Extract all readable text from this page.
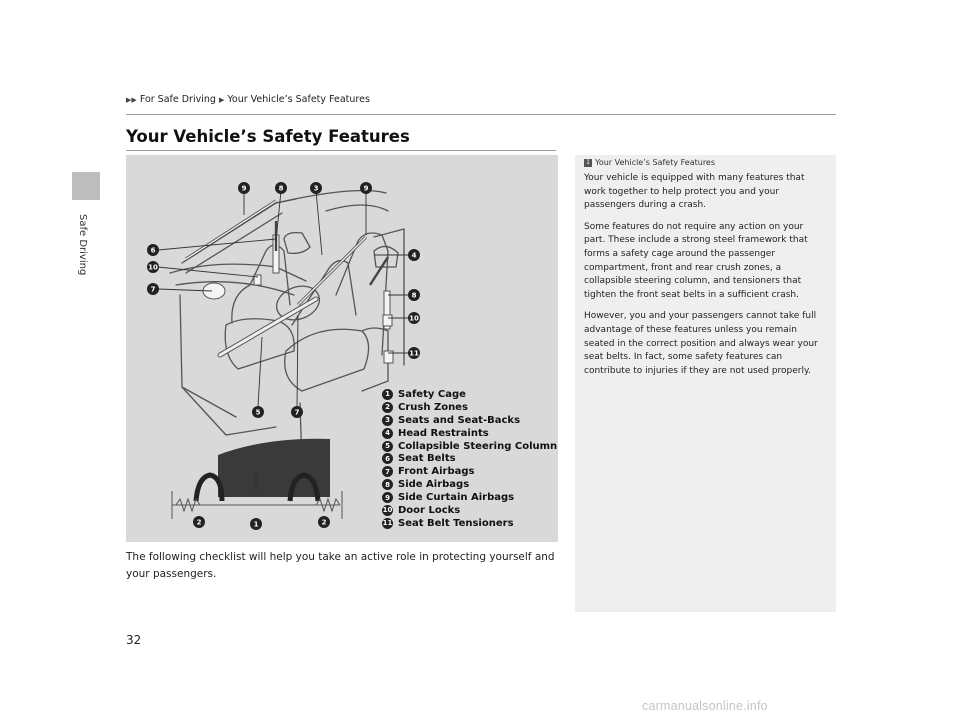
Safe Driving
▶▶ For Safe Driving ▶ Your Vehicle’s Safety Features
Your Vehicle’s Safety Features
9	8	3	9
6
10
7
4
8
10
11
5	7
2	1	2
1 Safety Cage
2 Crush Zones
3 Seats and Seat-Backs
4 Head Restraints
5 Collapsible Steering Column
6 Seat Belts
7 Front Airbags
8 Side Airbags
9 Side Curtain Airbags
10 Door Locks
11 Seat Belt Tensioners
The following checklist will help you take an active role in protecting yourself and your passengers.
1 Your Vehicle’s Safety Features

Your vehicle is equipped with many features that work together to help protect you and your passengers during a crash.

Some features do not require any action on your part. These include a strong steel framework that forms a safety cage around the passenger compartment, front and rear crush zones, a collapsible steering column, and tensioners that tighten the front seat belts in a sufficient crash.

However, you and your passengers cannot take full advantage of these features unless you remain seated in the correct position and always wear your seat belts. In fact, some safety features can contribute to injuries if they are not used properly.

32
carmanualsonline.info
